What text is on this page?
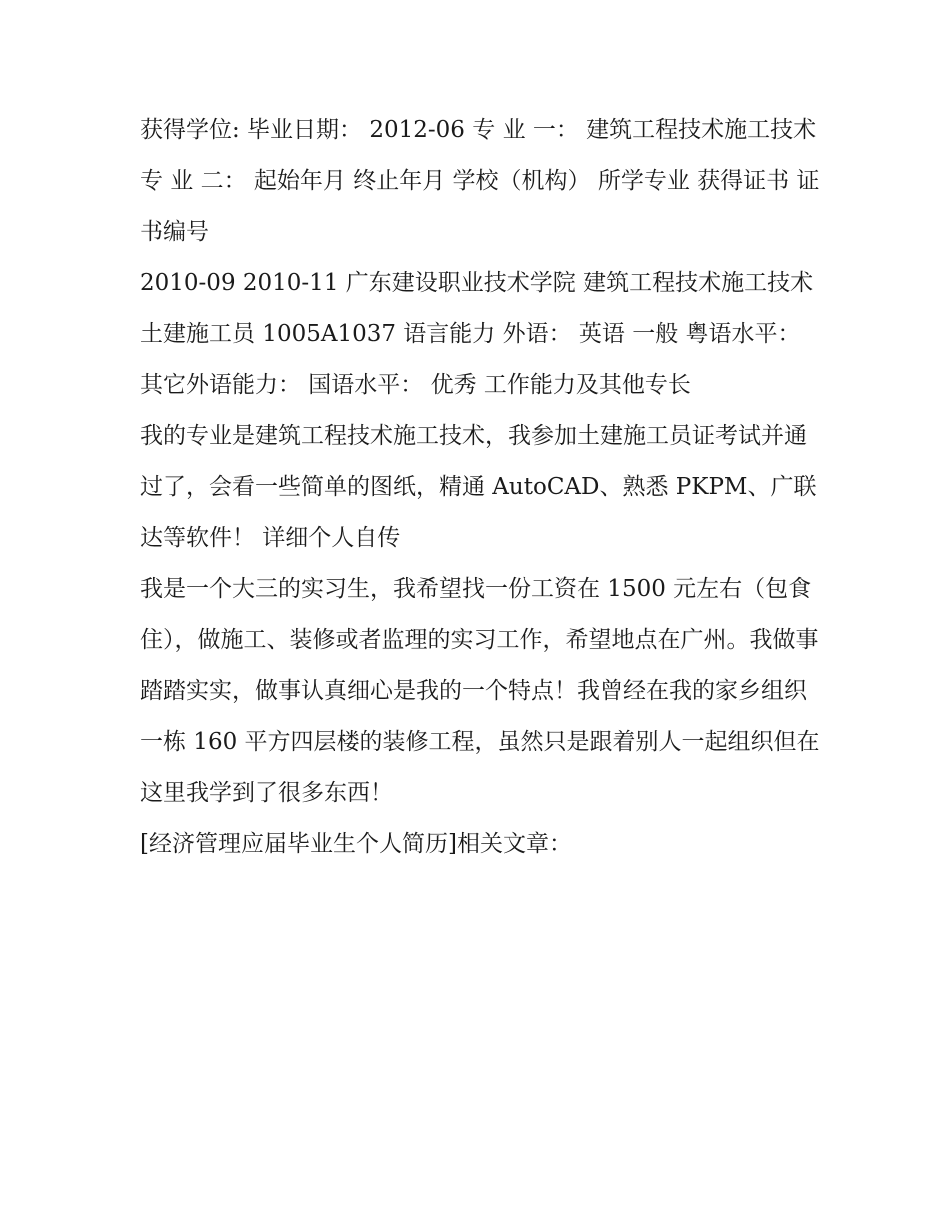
获得学位: 毕业日期： 2012-06 专 业 一： 建筑工程技术施工技术 专 业 二： 起始年月 终止年月 学校（机构） 所学专业 获得证书 证书编号

2010-09 2010-11 广东建设职业技术学院 建筑工程技术施工技术 土建施工员 1005A1037 语言能力 外语： 英语 一般 粤语水平： 其它外语能力： 国语水平： 优秀 工作能力及其他专长

我的专业是建筑工程技术施工技术，我参加土建施工员证考试并通过了，会看一些简单的图纸，精通 AutoCAD、熟悉 PKPM、广联达等软件！ 详细个人自传

我是一个大三的实习生，我希望找一份工资在 1500 元左右（包食住），做施工、装修或者监理的实习工作，希望地点在广州。我做事踏踏实实，做事认真细心是我的一个特点！我曾经在我的家乡组织一栋 160 平方四层楼的装修工程，虽然只是跟着别人一起组织但在这里我学到了很多东西！

[经济管理应届毕业生个人简历]相关文章：
